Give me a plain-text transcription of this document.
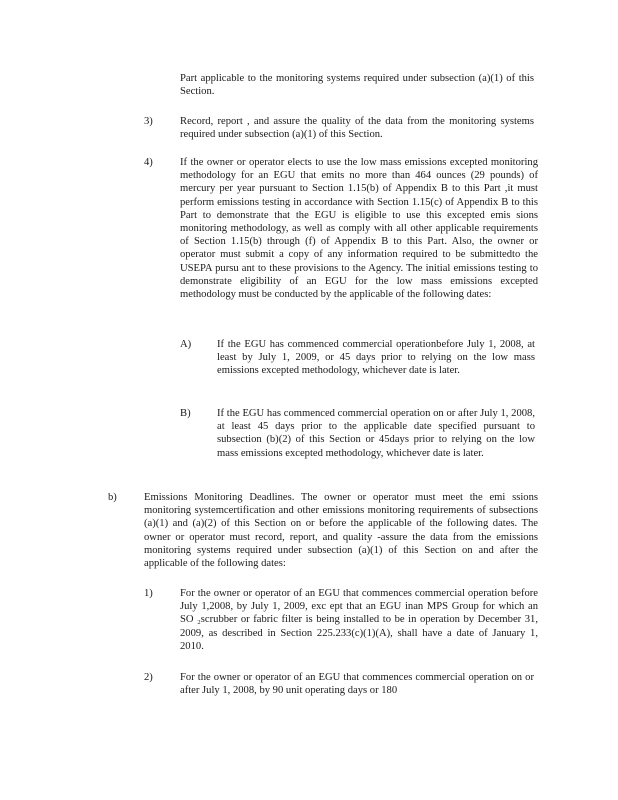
Part applicable to the monitoring systems required under subsection (a)(1) of this Section.

3)	Record, report , and assure the quality of the data from the monitoring systems required under subsection (a)(1) of this Section.

4)	If the owner or operator elects to use the low mass emissions excepted monitoring methodology for an EGU that emits no more than 464 ounces (29 pounds) of mercury per year pursuant to Section 1.15(b) of Appendix B to this Part ,it must perform emissions testing in accordance with Section 1.15(c) of Appendix B to this Part to demonstrate that the EGU is eligible to use this excepted emis sions monitoring methodology, as well as comply with all other applicable requirements of Section 1.15(b) through (f) of Appendix B to this Part. Also, the owner or operator must submit a copy of any information required to be submittedto the USEPA pursu ant to these provisions to the Agency. The initial emissions testing to demonstrate eligibility of an EGU for the low mass emissions excepted methodology must be conducted by the applicable of the following dates:

A) If the EGU has commenced commercial operationbefore July 1, 2008, at least by July 1, 2009, or 45 days prior to relying on the low mass emissions excepted methodology, whichever date is later.

B) If the EGU has commenced commercial operation on or after July 1, 2008, at least 45 days prior to the applicable date specified pursuant to subsection (b)(2) of this Section or 45days prior to relying on the low mass emissions excepted methodology, whichever date is later.

b)	Emissions Monitoring Deadlines. The owner or operator must meet the emi ssions monitoring systemcertification and other emissions monitoring requirements of subsections (a)(1) and (a)(2) of this Section on or before the applicable of the following dates. The owner or operator must record, report, and quality -assure the data from the emissions monitoring systems required under subsection (a)(1) of this Section on and after the applicable of the following dates:

1)	For the owner or operator of an EGU that commences commercial operation before July 1,2008, by July 1, 2009, exc ept that an EGU inan MPS Group for which an SO ₂scrubber or fabric filter is being installed to be in operation by December 31, 2009, as described in Section 225.233(c)(1)(A), shall have a date of January 1, 2010.

2)	For the owner or operator of an EGU that commences commercial operation on or after July 1, 2008, by 90 unit operating days or 180
